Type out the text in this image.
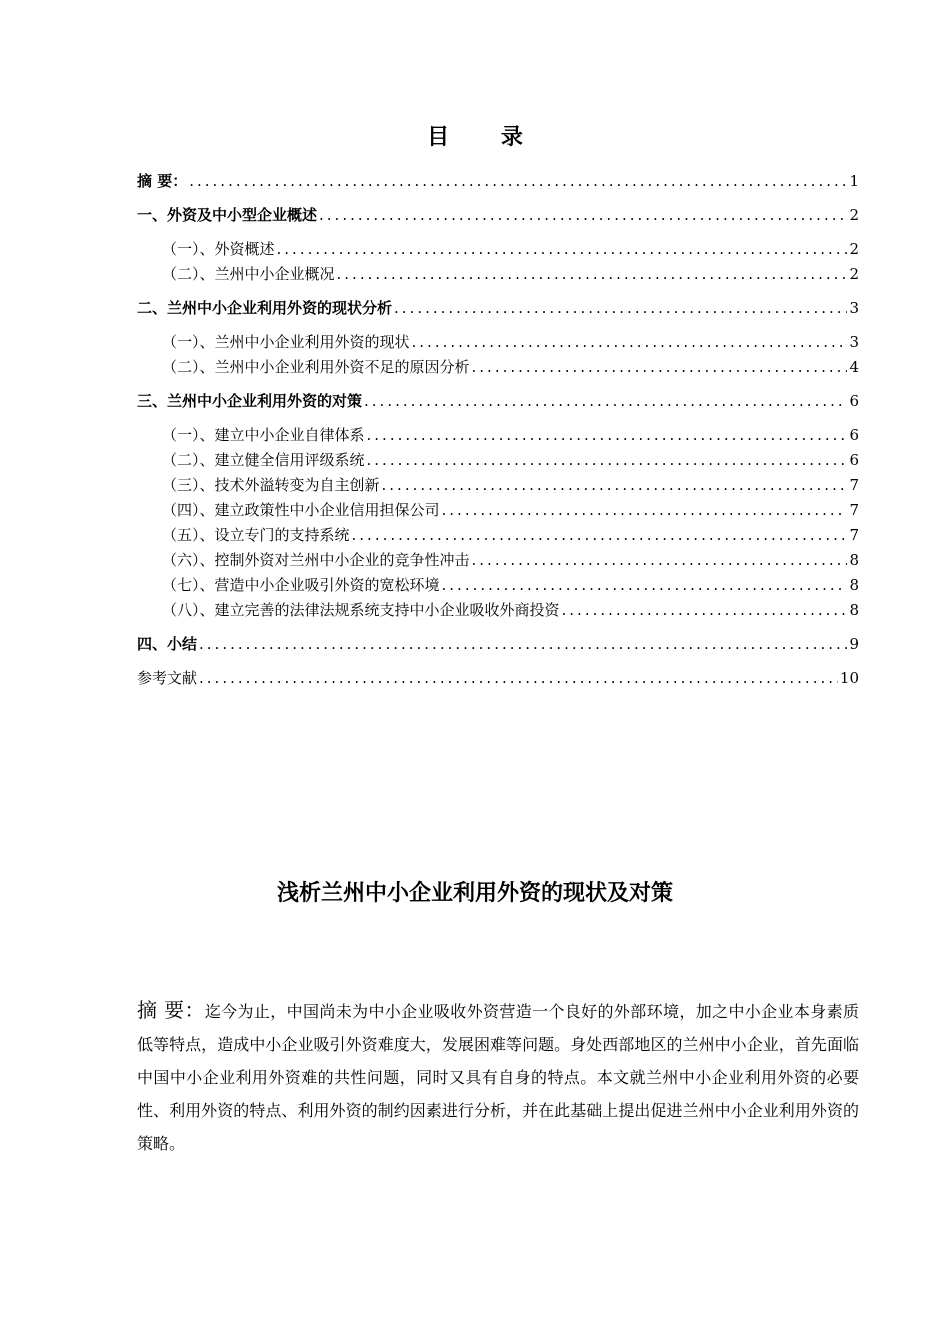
目 录
摘 要： .....	1
一、外资及中小型企业概述 .....	2
（一）、外资概述 .....	2
（二）、兰州中小企业概况 .....	2
二、兰州中小企业利用外资的现状分析 .....	3
（一）、兰州中小企业利用外资的现状 .....	3
（二）、兰州中小企业利用外资不足的原因分析 .....	4
三、兰州中小企业利用外资的对策 .....	6
（一）、建立中小企业自律体系 .....	6
（二）、建立健全信用评级系统 .....	6
（三）、技术外溢转变为自主创新 .....	7
（四）、建立政策性中小企业信用担保公司 .....	7
（五）、设立专门的支持系统 .....	7
（六）、控制外资对兰州中小企业的竞争性冲击 .....	8
（七）、营造中小企业吸引外资的宽松环境 .....	8
（八）、建立完善的法律法规系统支持中小企业吸收外商投资 .....	8
四、小结 .....	9
参考文献 .....	10
浅析兰州中小企业利用外资的现状及对策
摘 要：迄今为止，中国尚未为中小企业吸收外资营造一个良好的外部环境，加之中小企业本身素质低等特点，造成中小企业吸引外资难度大，发展困难等问题。身处西部地区的兰州中小企业，首先面临中国中小企业利用外资难的共性问题，同时又具有自身的特点。本文就兰州中小企业利用外资的必要性、利用外资的特点、利用外资的制约因素进行分析，并在此基础上提出促进兰州中小企业利用外资的策略。
